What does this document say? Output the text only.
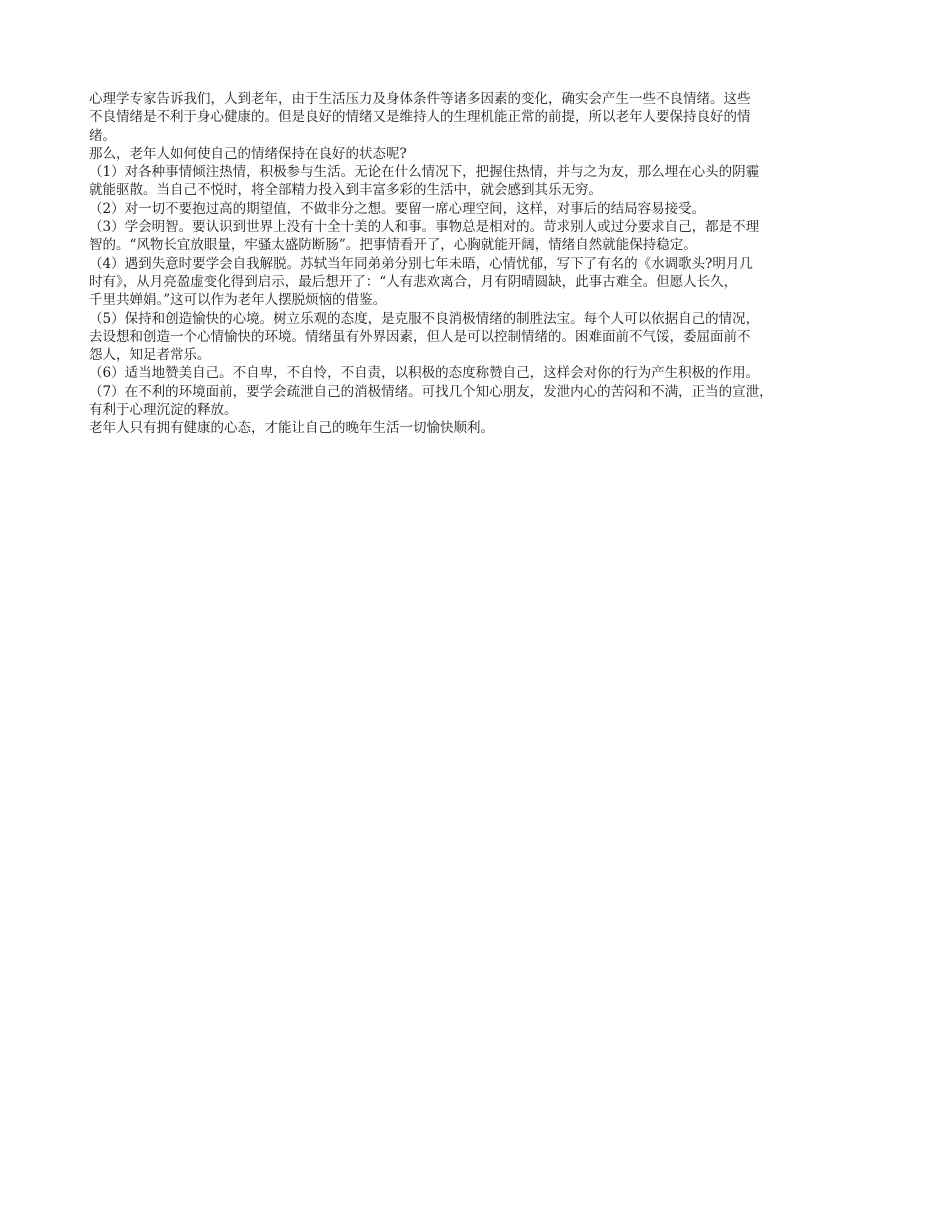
心理学专家告诉我们，人到老年，由于生活压力及身体条件等诸多因素的变化，确实会产生一些不良情绪。这些
不良情绪是不利于身心健康的。但是良好的情绪又是维持人的生理机能正常的前提，所以老年人要保持良好的情
绪。

那么，老年人如何使自己的情绪保持在良好的状态呢?

（1）对各种事情倾注热情，积极参与生活。无论在什么情况下，把握住热情，并与之为友，那么埋在心头的阴霾
就能驱散。当自己不悦时，将全部精力投入到丰富多彩的生活中，就会感到其乐无穷。

（2）对一切不要抱过高的期望值，不做非分之想。要留一席心理空间，这样，对事后的结局容易接受。

（3）学会明智。要认识到世界上没有十全十美的人和事。事物总是相对的。苛求别人或过分要求自己，都是不理
智的。“风物长宜放眼量，牢骚太盛防断肠”。把事情看开了，心胸就能开阔，情绪自然就能保持稳定。

（4）遇到失意时要学会自我解脱。苏轼当年同弟弟分别七年未晤，心情忧郁，写下了有名的《水调歌头?明月几
时有》，从月亮盈虚变化得到启示，最后想开了：“人有悲欢离合，月有阴晴圆缺，此事古难全。但愿人长久，
千里共婵娟。”这可以作为老年人摆脱烦恼的借鉴。

（5）保持和创造愉快的心境。树立乐观的态度，是克服不良消极情绪的制胜法宝。每个人可以依据自己的情况，
去设想和创造一个心情愉快的环境。情绪虽有外界因素，但人是可以控制情绪的。困难面前不气馁，委屈面前不
怨人，知足者常乐。

（6）适当地赞美自己。不自卑，不自怜，不自责，以积极的态度称赞自己，这样会对你的行为产生积极的作用。

（7）在不利的环境面前，要学会疏泄自己的消极情绪。可找几个知心朋友，发泄内心的苦闷和不满，正当的宣泄，
有利于心理沉淀的释放。

老年人只有拥有健康的心态，才能让自己的晚年生活一切愉快顺利。
